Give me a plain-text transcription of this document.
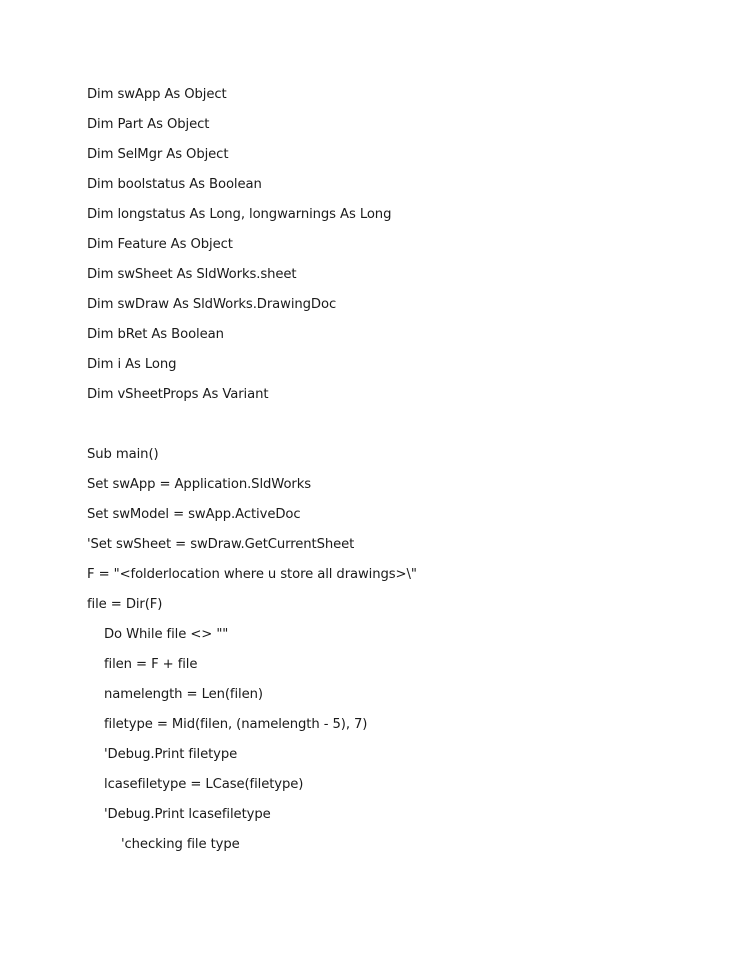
Dim swApp As Object
Dim Part As Object
Dim SelMgr As Object
Dim boolstatus As Boolean
Dim longstatus As Long, longwarnings As Long
Dim Feature As Object
Dim swSheet As SldWorks.sheet
Dim swDraw As SldWorks.DrawingDoc
Dim bRet As Boolean
Dim i As Long
Dim vSheetProps As Variant
Sub main()
Set swApp = Application.SldWorks
Set swModel = swApp.ActiveDoc
'Set swSheet = swDraw.GetCurrentSheet
F = "<folderlocation where u store all drawings>\"
file = Dir(F)
Do While file <> ""
filen = F + file
namelength = Len(filen)
filetype = Mid(filen, (namelength - 5), 7)
'Debug.Print filetype
lcasefiletype = LCase(filetype)
'Debug.Print lcasefiletype
'checking file type
